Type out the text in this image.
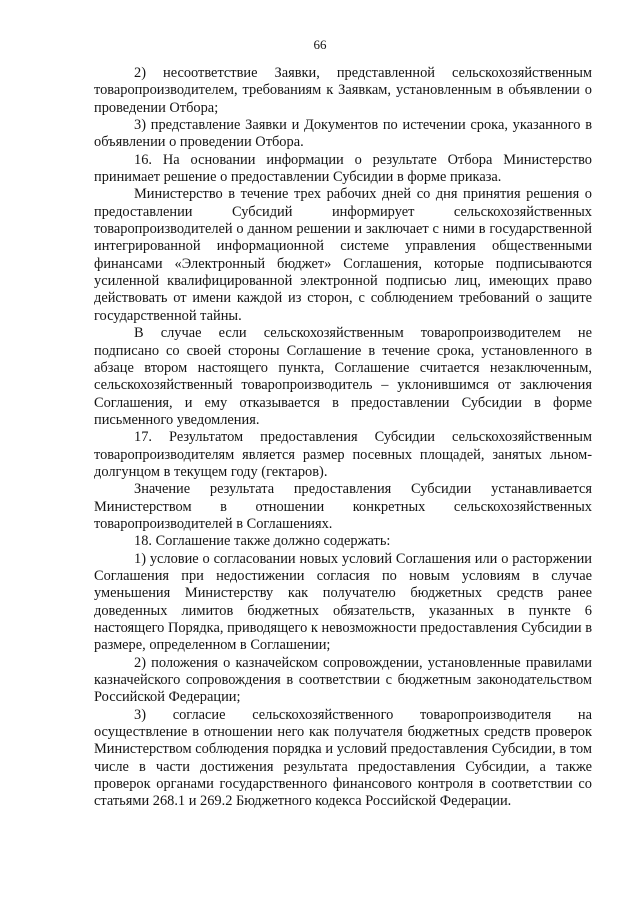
66

2) несоответствие Заявки, представленной сельскохозяйственным товаропроизводителем, требованиям к Заявкам, установленным в объявлении о проведении Отбора;

3) представление Заявки и Документов по истечении срока, указанного в объявлении о проведении Отбора.

16. На основании информации о результате Отбора Министерство принимает решение о предоставлении Субсидии в форме приказа.

Министерство в течение трех рабочих дней со дня принятия решения о предоставлении Субсидий информирует сельскохозяйственных товаропроизводителей о данном решении и заключает с ними в государственной интегрированной информационной системе управления общественными финансами «Электронный бюджет» Соглашения, которые подписываются усиленной квалифицированной электронной подписью лиц, имеющих право действовать от имени каждой из сторон, с соблюдением требований о защите государственной тайны.

В случае если сельскохозяйственным товаропроизводителем не подписано со своей стороны Соглашение в течение срока, установленного в абзаце втором настоящего пункта, Соглашение считается незаключенным, сельскохозяйственный товаропроизводитель – уклонившимся от заключения Соглашения, и ему отказывается в предоставлении Субсидии в форме письменного уведомления.

17. Результатом предоставления Субсидии сельскохозяйственным товаропроизводителям является размер посевных площадей, занятых льном-долгунцом в текущем году (гектаров).

Значение результата предоставления Субсидии устанавливается Министерством в отношении конкретных сельскохозяйственных товаропроизводителей в Соглашениях.

18. Соглашение также должно содержать:

1) условие о согласовании новых условий Соглашения или о расторжении Соглашения при недостижении согласия по новым условиям в случае уменьшения Министерству как получателю бюджетных средств ранее доведенных лимитов бюджетных обязательств, указанных в пункте 6 настоящего Порядка, приводящего к невозможности предоставления Субсидии в размере, определенном в Соглашении;

2) положения о казначейском сопровождении, установленные правилами казначейского сопровождения в соответствии с бюджетным законодательством Российской Федерации;

3) согласие сельскохозяйственного товаропроизводителя на осуществление в отношении него как получателя бюджетных средств проверок Министерством соблюдения порядка и условий предоставления Субсидии, в том числе в части достижения результата предоставления Субсидии, а также проверок органами государственного финансового контроля в соответствии со статьями 268.1 и 269.2 Бюджетного кодекса Российской Федерации.
